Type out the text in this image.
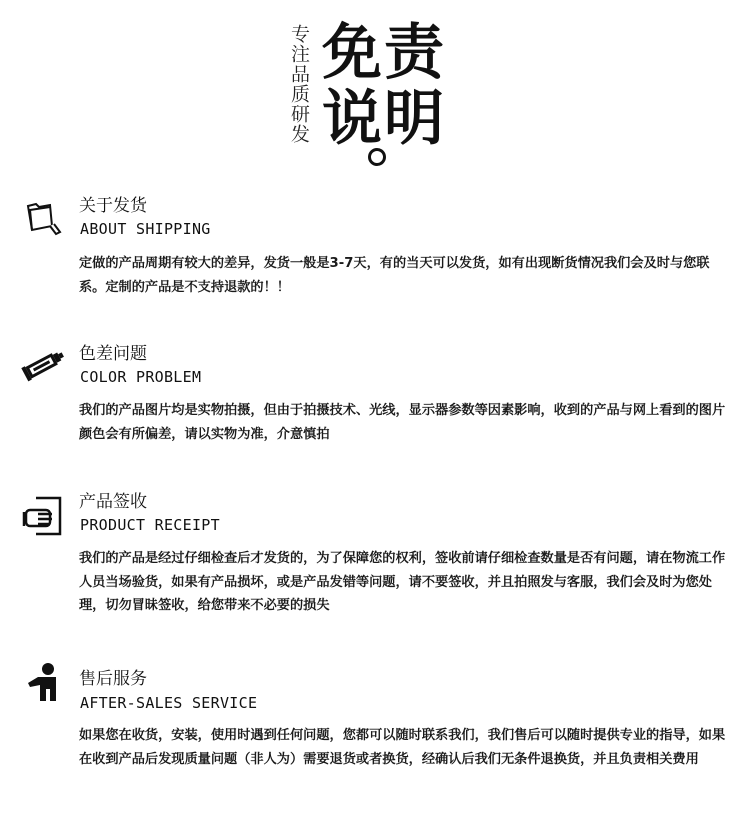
专注品质研发 免责
说明
关于发货
ABOUT SHIPPING
定做的产品周期有较大的差异，发货一般是3-7天，有的当天可以发货，如有出现断货情况我们会及时与您联系。定制的产品是不支持退款的！！
色差问题
COLOR PROBLEM
我们的产品图片均是实物拍摄，但由于拍摄技术、光线，显示器参数等因素影响，收到的产品与网上看到的图片颜色会有所偏差，请以实物为准，介意慎拍
产品签收
PRODUCT RECEIPT
我们的产品是经过仔细检查后才发货的，为了保障您的权利，签收前请仔细检查数量是否有问题，请在物流工作人员当场验货，如果有产品损坏，或是产品发错等问题，请不要签收，并且拍照发与客服，我们会及时为您处理，切勿冒昧签收，给您带来不必要的损失
售后服务
AFTER-SALES SERVICE
如果您在收货，安装，使用时遇到任何问题，您都可以随时联系我们，我们售后可以随时提供专业的指导，如果在收到产品后发现质量问题（非人为）需要退货或者换货，经确认后我们无条件退换货，并且负责相关费用
